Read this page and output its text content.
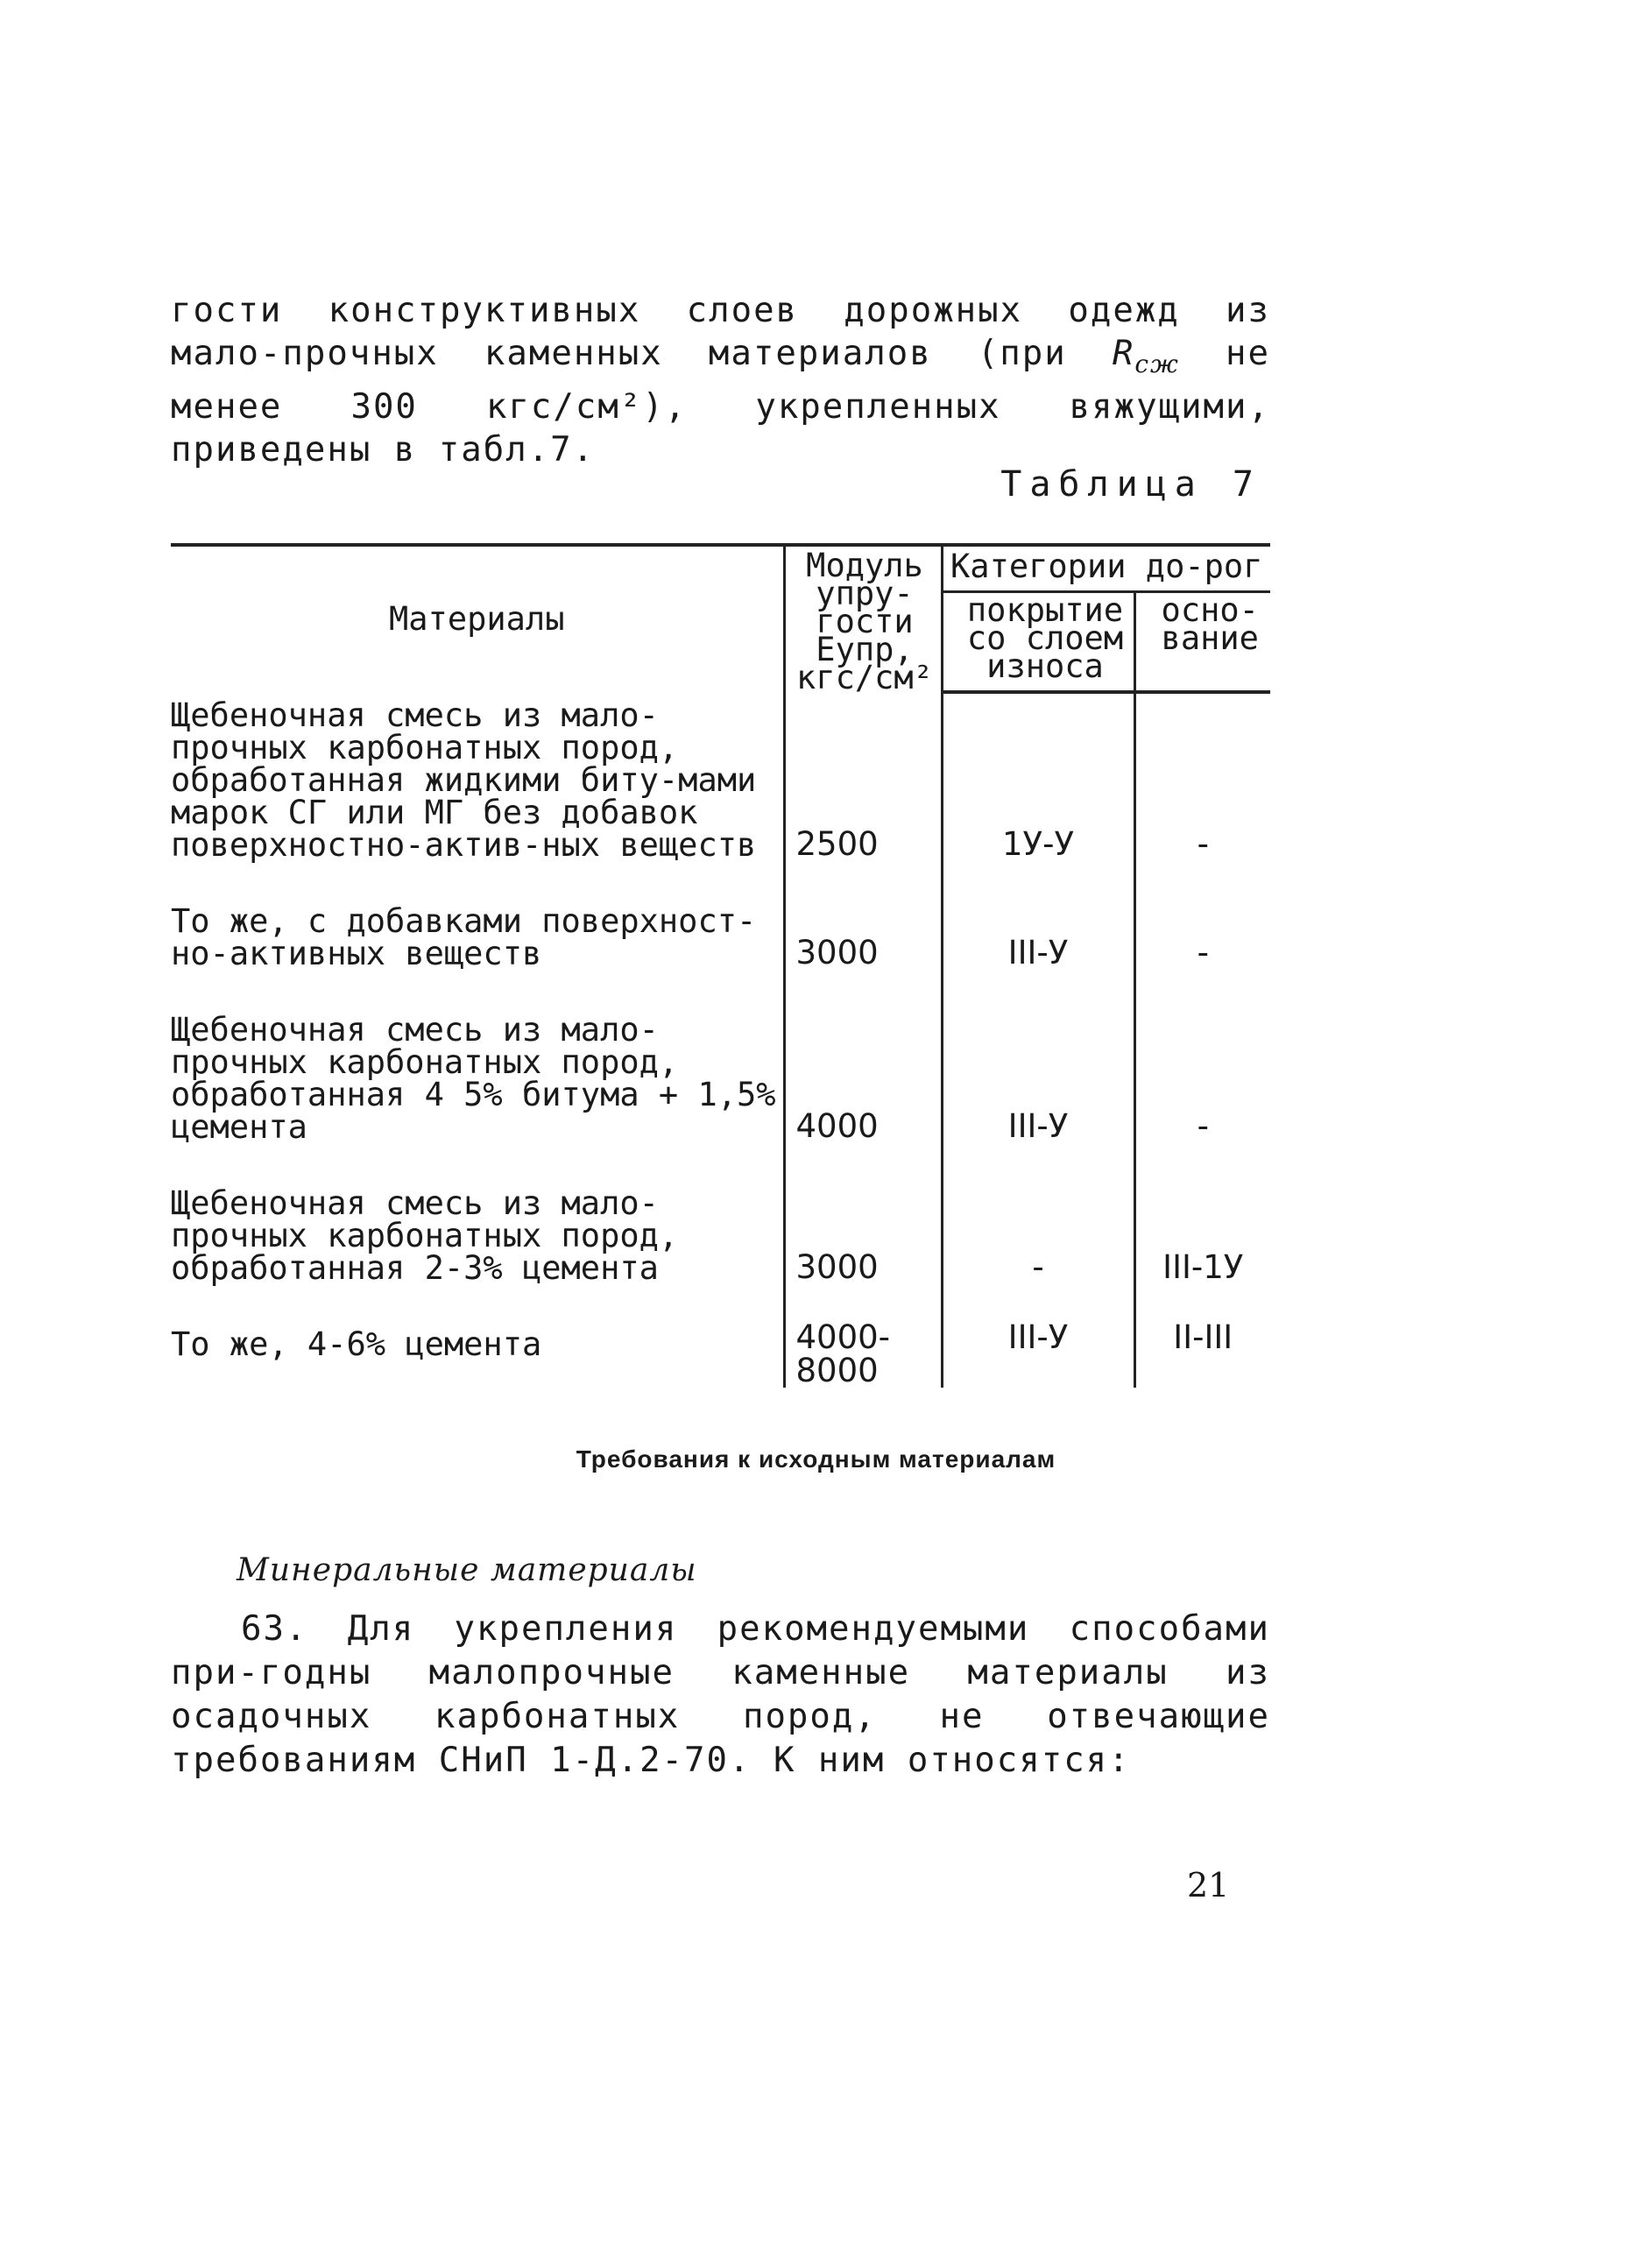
гости конструктивных слоев дорожных одежд из мало-прочных каменных материалов (при $R_{сж}$ не менее 300 кгс/см²), укрепленных вяжущими, приведены в табл.7.

Таблица 7
Материалы	Модуль упру-гости Eупр, кгс/см²	Категории до-рог	
		покрытие со слоем износа	осно-вание
Щебеночная смесь из мало-прочных карбонатных пород, обработанная жидкими биту-мами марок СГ или МГ без добавок поверхностно-актив-ных веществ	2500	1У-У	-

То же, с добавками поверхност-но-активных веществ	3000	III-У	-

Щебеночная смесь из мало-прочных карбонатных пород, обработанная 4 5% битума + 1,5% цемента	4000	III-У	-

Щебеночная смесь из мало-прочных карбонатных пород, обработанная 2-3% цемента	3000	-	III-1У

То же, 4-6% цемента	4000-8000	III-У	II-III
Требования к исходным материалам
Минеральные материалы

63. Для укрепления рекомендуемыми способами при-годны малопрочные каменные материалы из осадочных карбонатных пород, не отвечающие требованиям СНиП 1-Д.2-70. К ним относятся:

21
